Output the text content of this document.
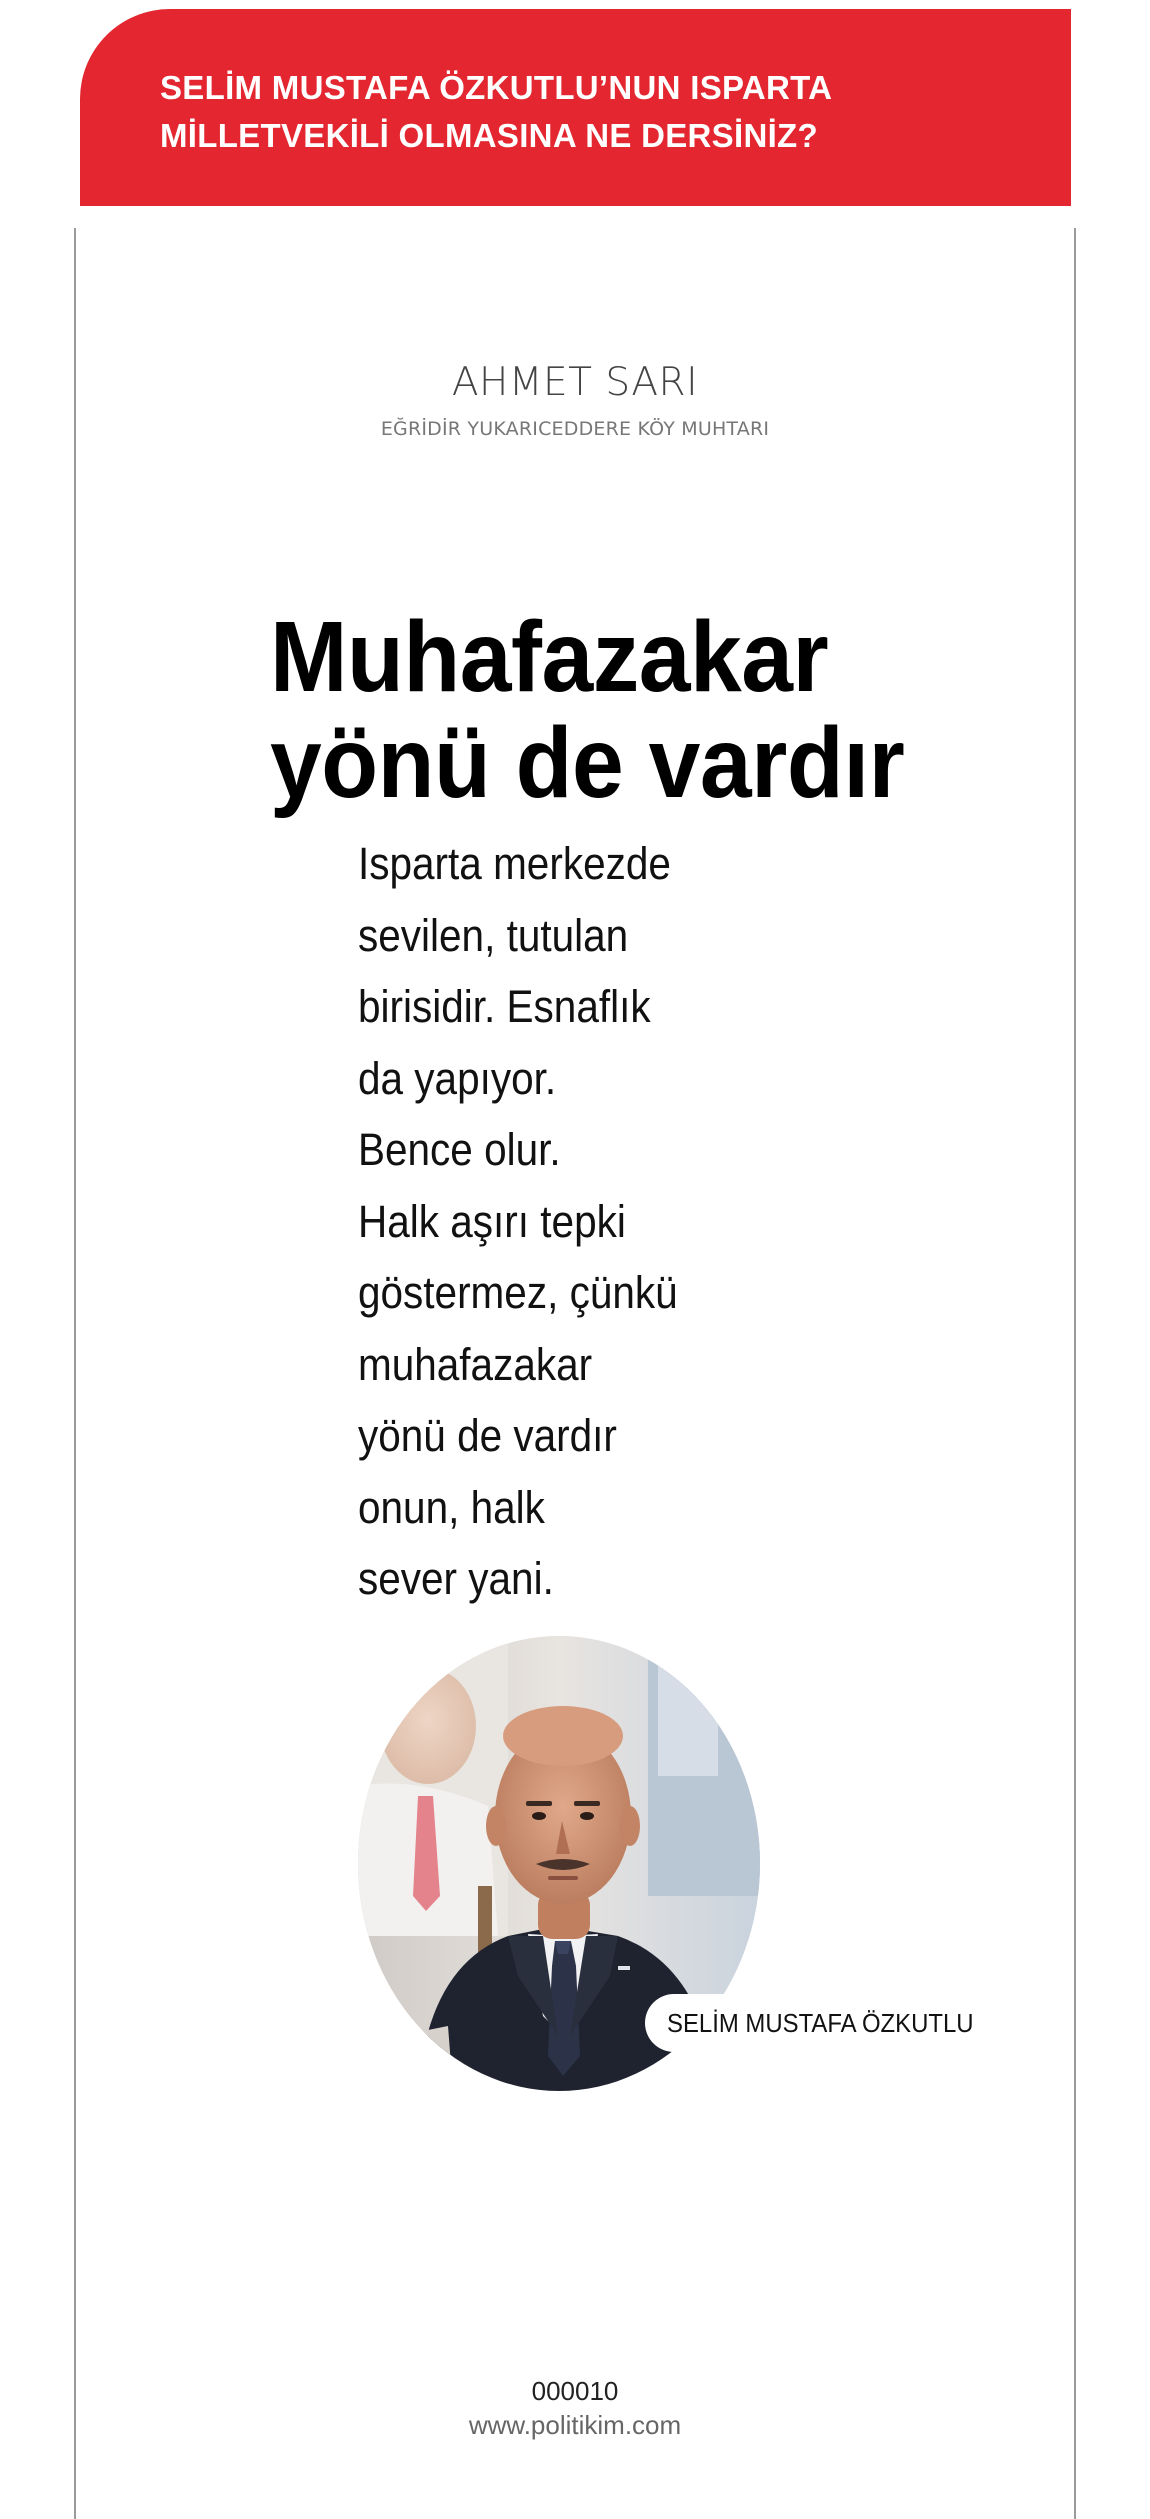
SELİM MUSTAFA ÖZKUTLU’NUN ISPARTA
MİLLETVEKİLİ OLMASINA NE DERSİNİZ?
AHMET SARI
EĞRİDİR YUKARICEDDERE KÖY MUHTARI
Muhafazakar
yönü de vardır

Isparta merkezde
sevilen, tutulan
birisidir. Esnaflık
da yapıyor.
Bence olur.
Halk aşırı tepki
göstermez, çünkü
muhafazakar
yönü de vardır
onun, halk
sever yani.

SELİM MUSTAFA ÖZKUTLU
000010
www.politikim.com
